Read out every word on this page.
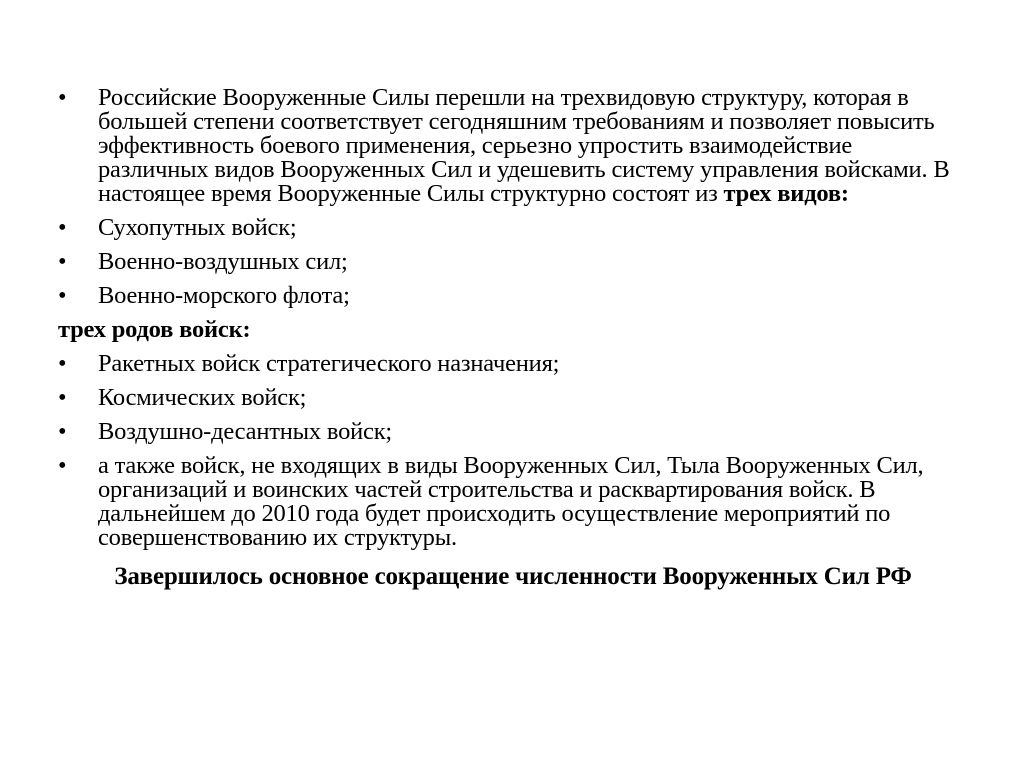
•	Российские Вооруженные Силы перешли на трехвидовую структуру, которая в большей степени соответствует сегодняшним требованиям и позволяет повысить эффективность боевого применения, серьезно упростить взаимодействие различных видов Вооруженных Сил и удешевить систему управления войсками. В настоящее время Вооруженные Силы структурно состоят из трех видов:
•	Сухопутных войск;
•	Военно-воздушных сил;
•	Военно-морского флота;
трех родов войск:
•	Ракетных войск стратегического назначения;
•	Космических войск;
•	Воздушно-десантных войск;
•	а также войск, не входящих в виды Вооруженных Сил, Тыла Вооруженных Сил, организаций и воинских частей строительства и расквартирования войск. В дальнейшем до 2010 года будет происходить осуществление мероприятий по совершенствованию их структуры.
Завершилось основное сокращение численности Вооруженных Сил РФ
